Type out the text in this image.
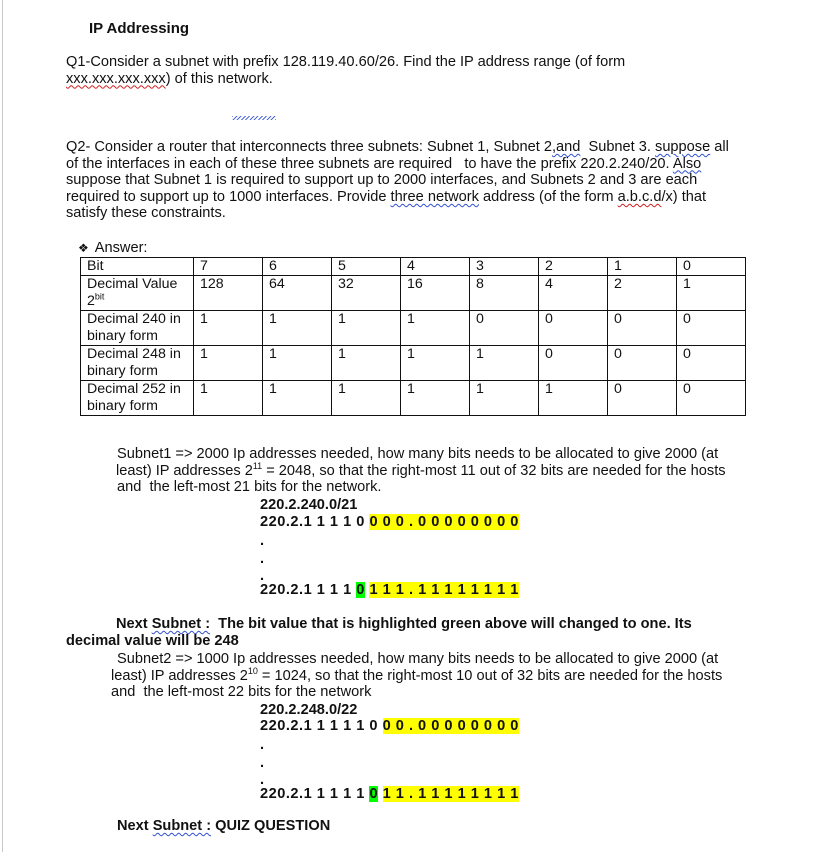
IP Addressing
Q1-Consider a subnet with prefix 128.119.40.60/26. Find the IP address range (of form
xxx.xxx.xxx.xxx) of this network.
Q2- Consider a router that interconnects three subnets: Subnet 1, Subnet 2,and  Subnet 3. suppose all
of the interfaces in each of these three subnets are required   to have the prefix 220.2.240/20. Also
suppose that Subnet 1 is required to support up to 2000 interfaces, and Subnets 2 and 3 are each
required to support up to 1000 interfaces. Provide three network address (of the form a.b.c.d/x) that
satisfy these constraints.
❖ Answer:
Bit	7	6	5	4	3	2	1	0
Decimal Value $2^{bit}$	128	64	32	16	8	4	2	1
Decimal 240 in binary form	1	1	1	1	0	0	0	0
Decimal 248 in binary form	1	1	1	1	1	0	0	0
Decimal 252 in binary form	1	1	1	1	1	1	0	0
Subnet1 => 2000 Ip addresses needed, how many bits needs to be allocated to give 2000 (at
least) IP addresses $2^{11} = 2048$, so that the right-most 11 out of 32 bits are needed for the hosts
and  the left-most 21 bits for the network.
220.2.240.0/21
220.2.1 1 1 1 0 0 0 0 . 0 0 0 0 0 0 0 0
.
.
.
220.2.1 1 1 1 0 1 1 1 . 1 1 1 1 1 1 1 1
Next Subnet :  The bit value that is highlighted green above will changed to one. Its
decimal value will be 248
Subnet2 => 1000 Ip addresses needed, how many bits needs to be allocated to give 2000 (at
least) IP addresses $2^{10} = 1024$, so that the right-most 10 out of 32 bits are needed for the hosts
and  the left-most 22 bits for the network
220.2.248.0/22
220.2.1 1 1 1 1 0 0 0 . 0 0 0 0 0 0 0 0
.
.
.
220.2.1 1 1 1 1 0 1 1 . 1 1 1 1 1 1 1 1
Next Subnet : QUIZ QUESTION
